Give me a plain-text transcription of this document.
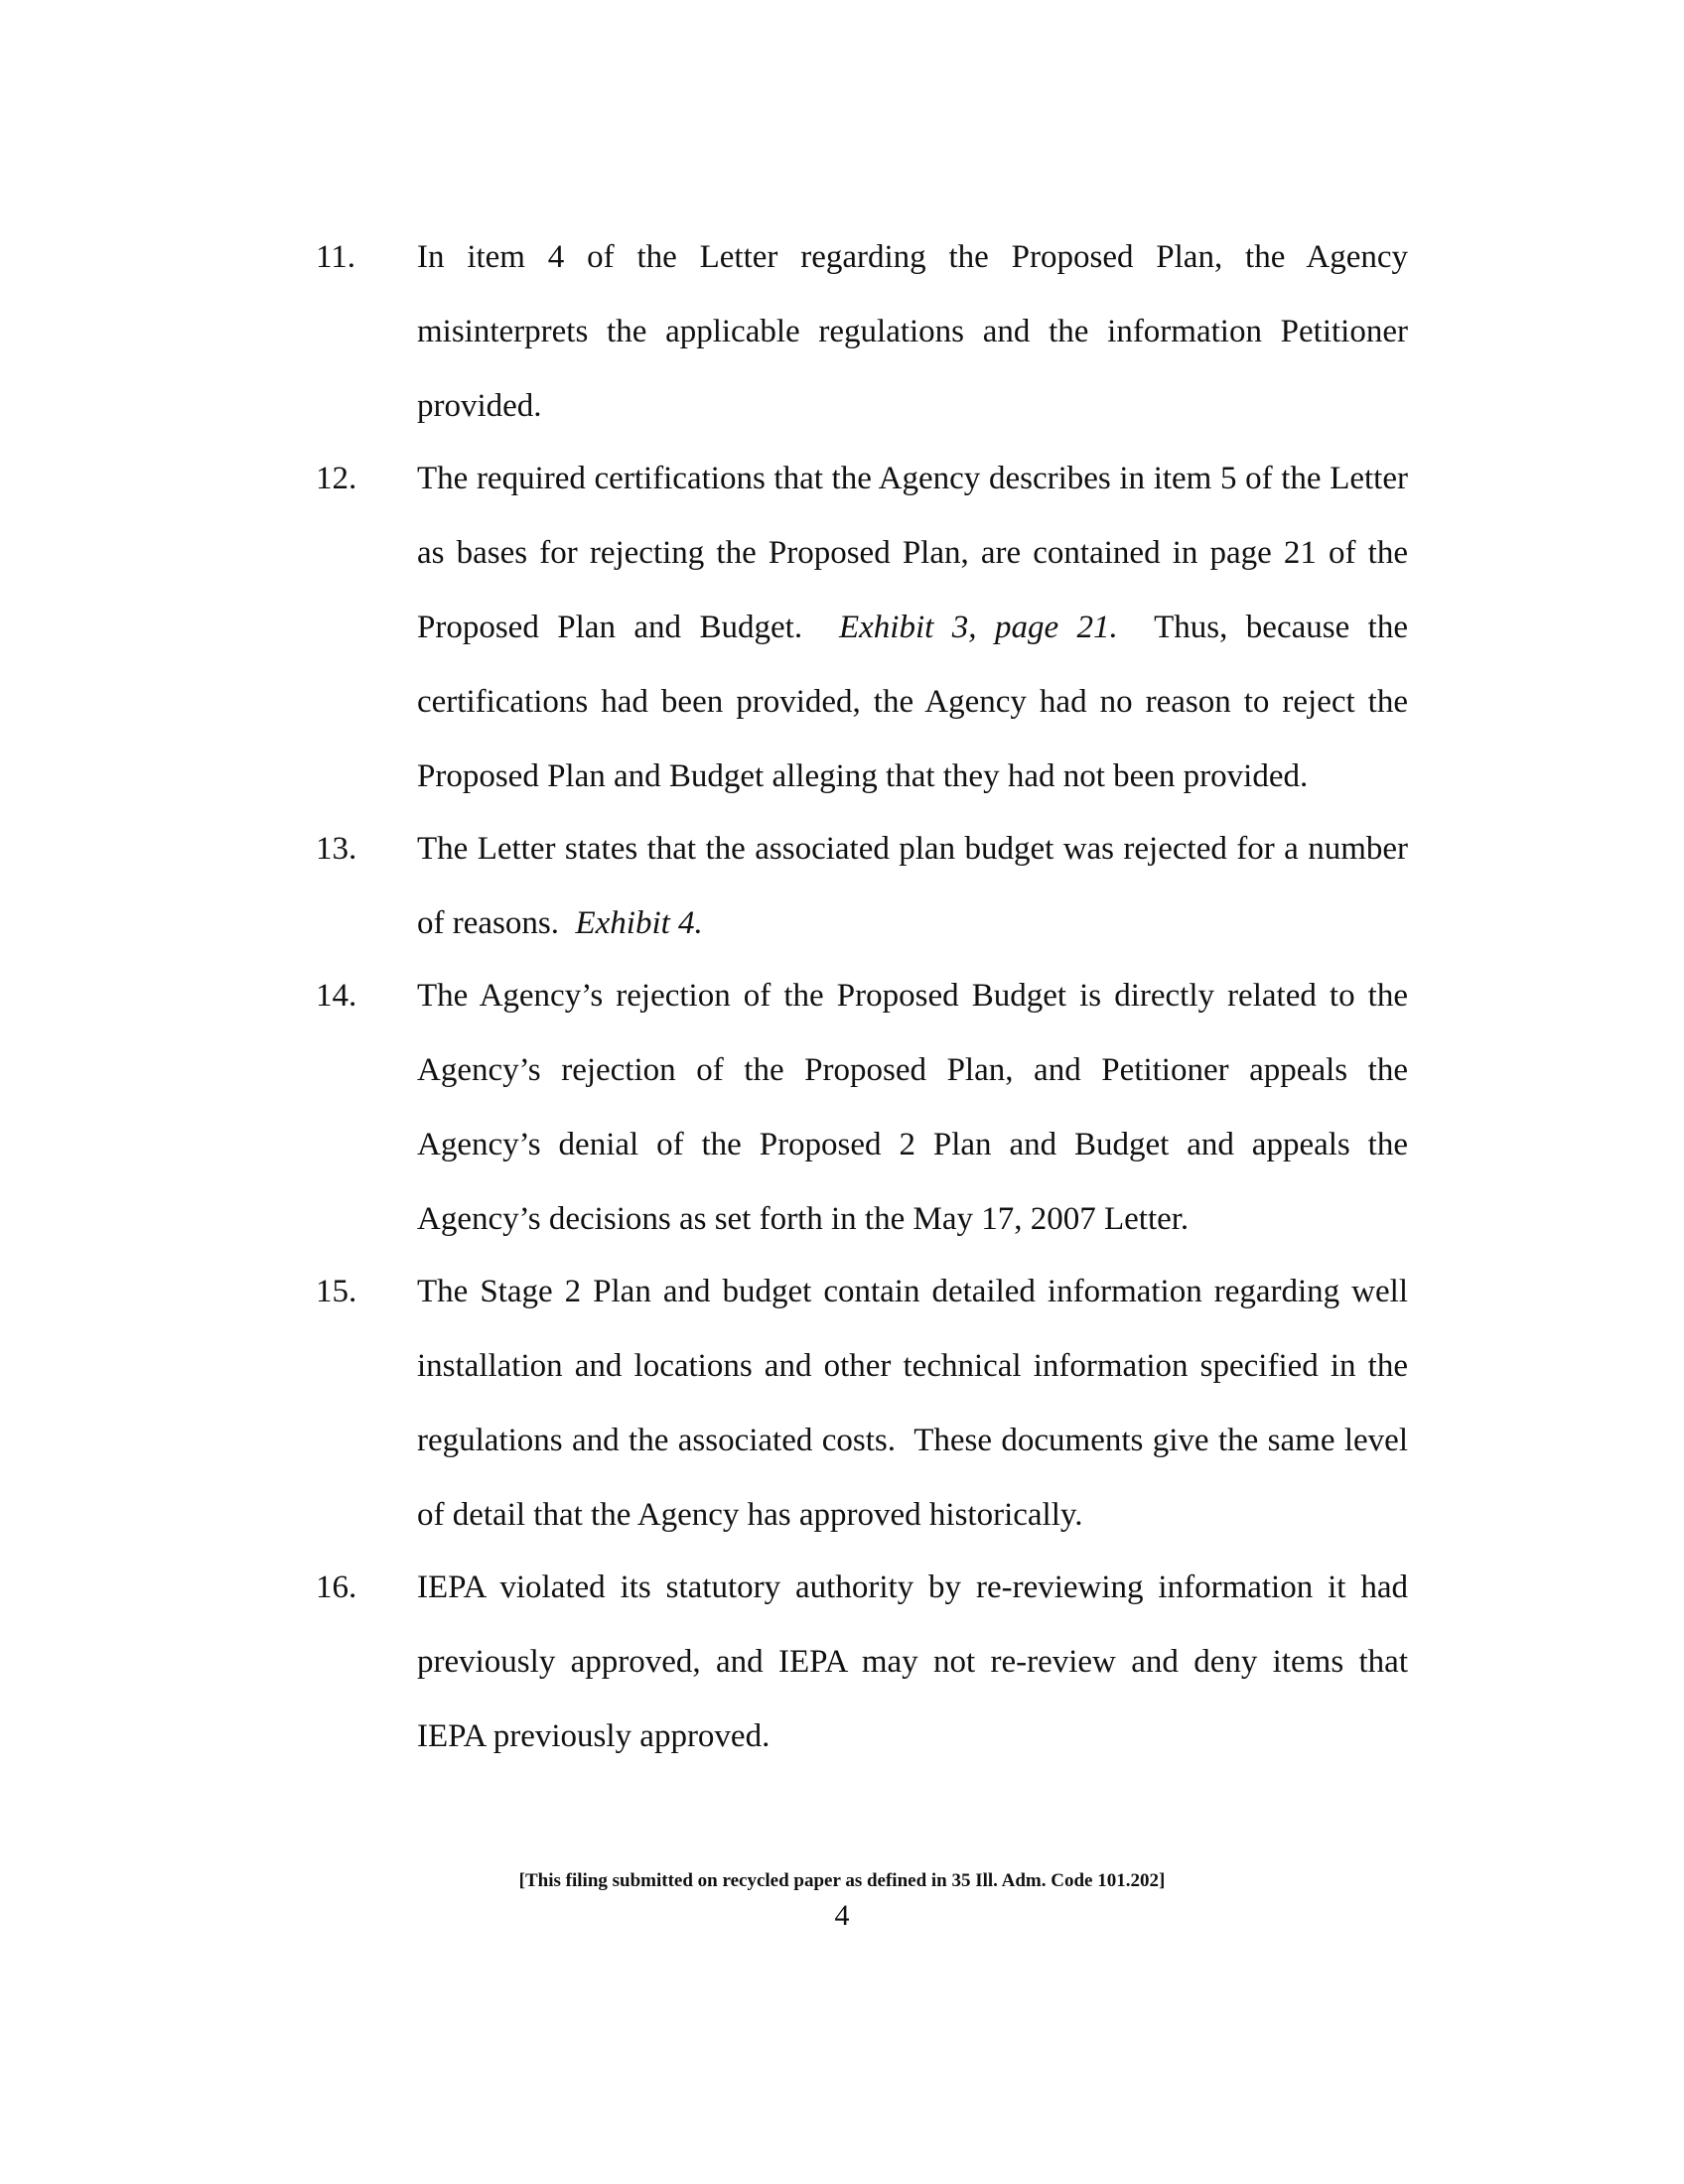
11.	In item 4 of the Letter regarding the Proposed Plan, the Agency misinterprets the applicable regulations and the information Petitioner provided.
12.	The required certifications that the Agency describes in item 5 of the Letter as bases for rejecting the Proposed Plan, are contained in page 21 of the Proposed Plan and Budget.  Exhibit 3, page 21.  Thus, because the certifications had been provided, the Agency had no reason to reject the Proposed Plan and Budget alleging that they had not been provided.
13.	The Letter states that the associated plan budget was rejected for a number of reasons.  Exhibit 4.
14.	The Agency’s rejection of the Proposed Budget is directly related to the Agency’s rejection of the Proposed Plan, and Petitioner appeals the Agency’s denial of the Proposed 2 Plan and Budget and appeals the Agency’s decisions as set forth in the May 17, 2007 Letter.
15.	The Stage 2 Plan and budget contain detailed information regarding well installation and locations and other technical information specified in the regulations and the associated costs.  These documents give the same level of detail that the Agency has approved historically.
16.	IEPA violated its statutory authority by re-reviewing information it had previously approved, and IEPA may not re-review and deny items that IEPA previously approved.
[This filing submitted on recycled paper as defined in 35 Ill. Adm. Code 101.202]
4
